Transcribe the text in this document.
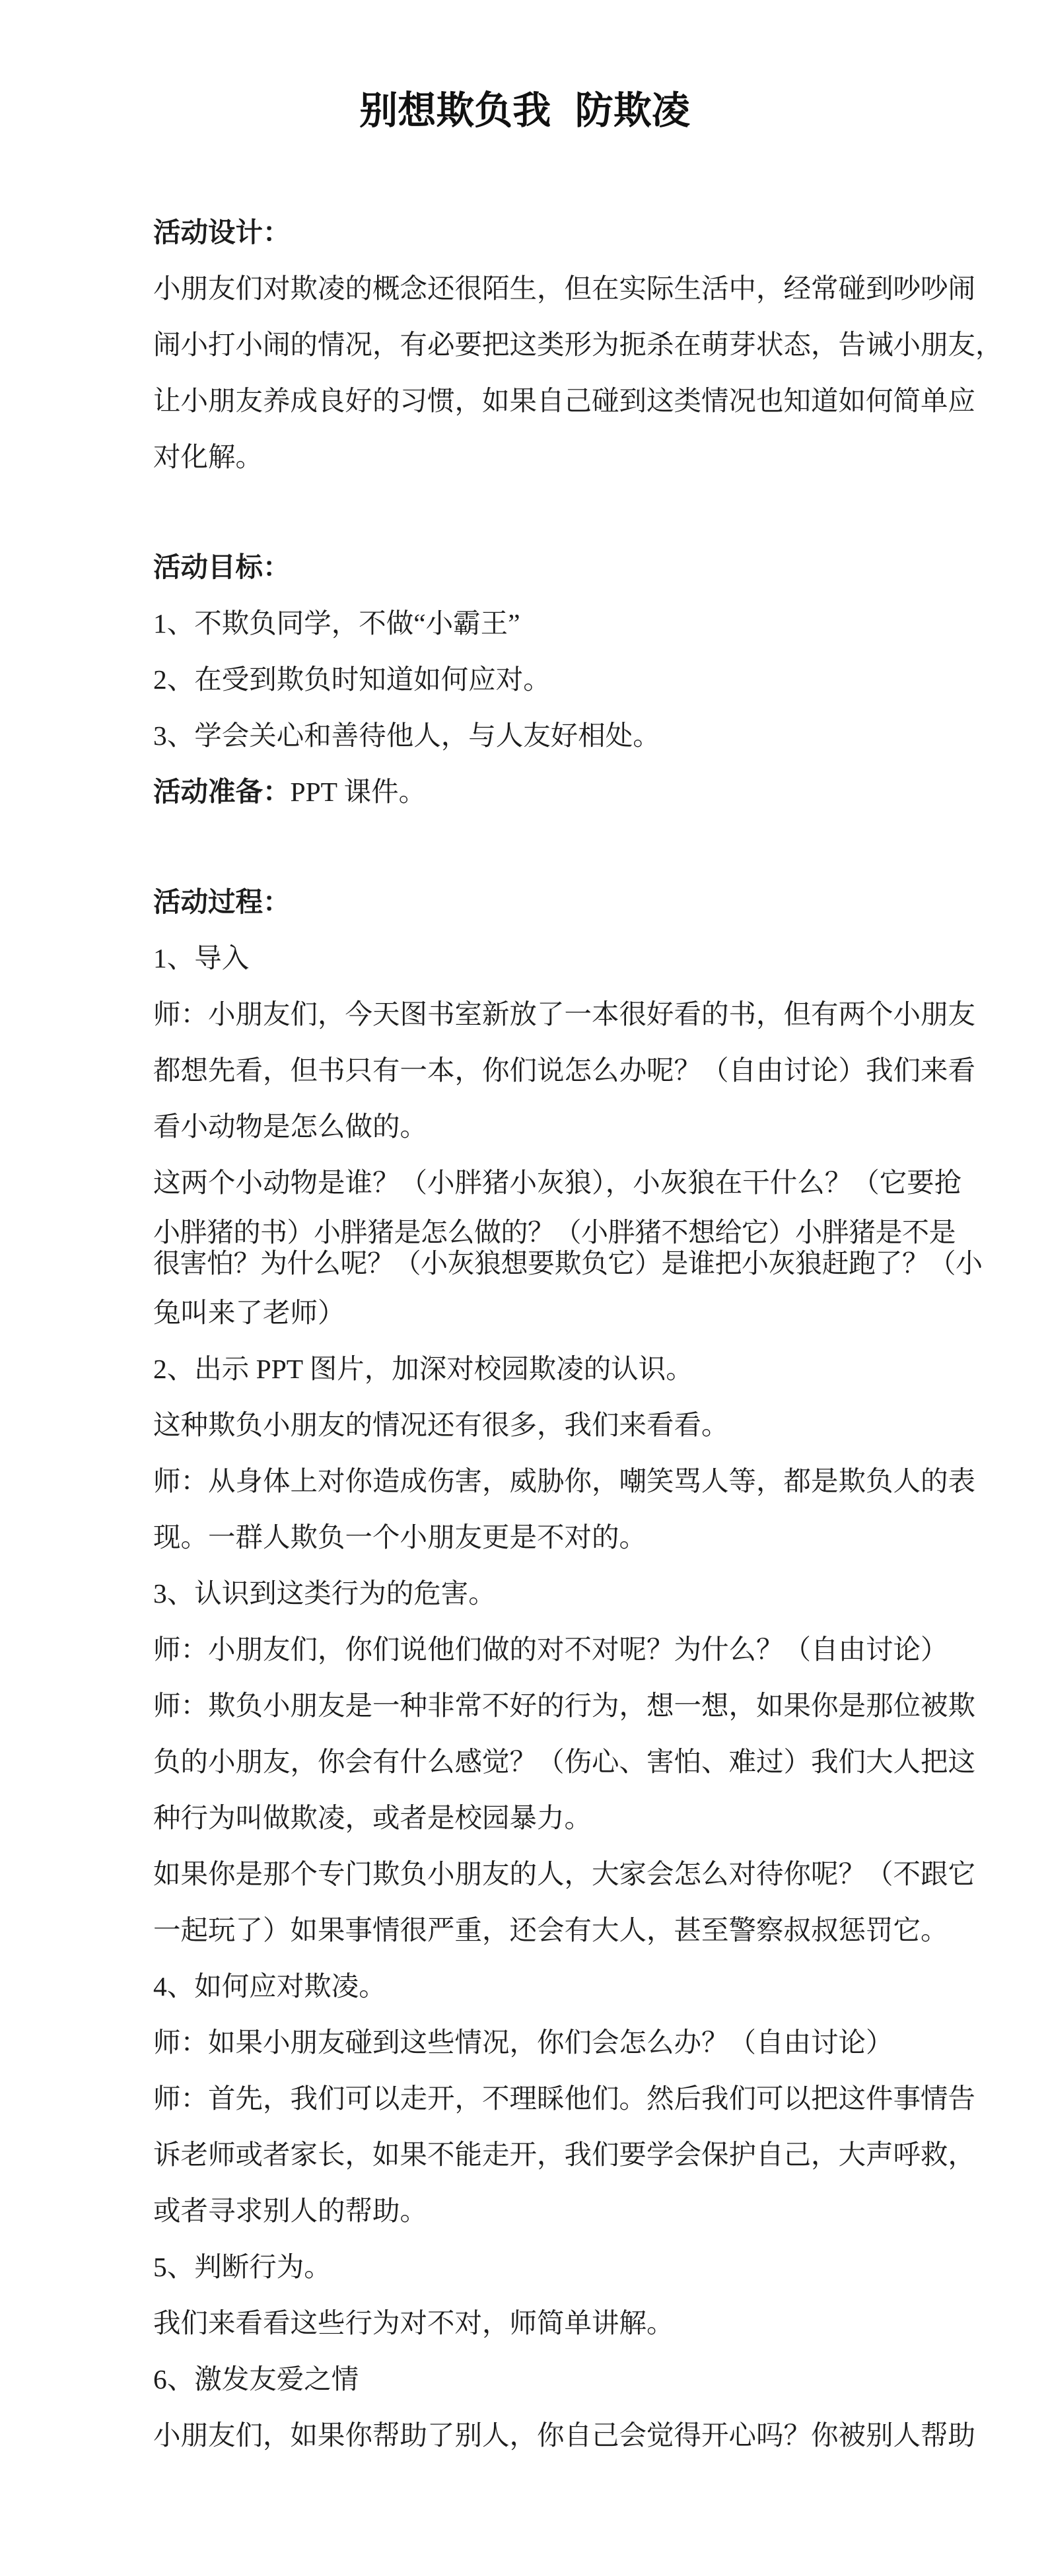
别想欺负我 防欺凌
活动设计：
小朋友们对欺凌的概念还很陌生，但在实际生活中，经常碰到吵吵闹
闹小打小闹的情况，有必要把这类形为扼杀在萌芽状态，告诫小朋友，
让小朋友养成良好的习惯，如果自己碰到这类情况也知道如何简单应
对化解。
活动目标：
1、不欺负同学，不做“小霸王”
2、在受到欺负时知道如何应对。
3、学会关心和善待他人，与人友好相处。
活动准备：PPT 课件。
活动过程：
1、导入
师：小朋友们，今天图书室新放了一本很好看的书，但有两个小朋友
都想先看，但书只有一本，你们说怎么办呢？（自由讨论）我们来看
看小动物是怎么做的。
这两个小动物是谁？（小胖猪小灰狼），小灰狼在干什么？（它要抢
小胖猪的书）小胖猪是怎么做的？（小胖猪不想给它）小胖猪是不是
很害怕？为什么呢？（小灰狼想要欺负它）是谁把小灰狼赶跑了？（小
兔叫来了老师）
2、出示 PPT 图片，加深对校园欺凌的认识。
这种欺负小朋友的情况还有很多，我们来看看。
师：从身体上对你造成伤害，威胁你，嘲笑骂人等，都是欺负人的表
现。一群人欺负一个小朋友更是不对的。
3、认识到这类行为的危害。
师：小朋友们，你们说他们做的对不对呢？为什么？（自由讨论）
师：欺负小朋友是一种非常不好的行为，想一想，如果你是那位被欺
负的小朋友，你会有什么感觉？（伤心、害怕、难过）我们大人把这
种行为叫做欺凌，或者是校园暴力。
如果你是那个专门欺负小朋友的人，大家会怎么对待你呢？（不跟它
一起玩了）如果事情很严重，还会有大人，甚至警察叔叔惩罚它。
4、如何应对欺凌。
师：如果小朋友碰到这些情况，你们会怎么办？（自由讨论）
师：首先，我们可以走开，不理睬他们。然后我们可以把这件事情告
诉老师或者家长，如果不能走开，我们要学会保护自己，大声呼救，
或者寻求别人的帮助。
5、判断行为。
我们来看看这些行为对不对，师简单讲解。
6、激发友爱之情
小朋友们，如果你帮助了别人，你自己会觉得开心吗？你被别人帮助
